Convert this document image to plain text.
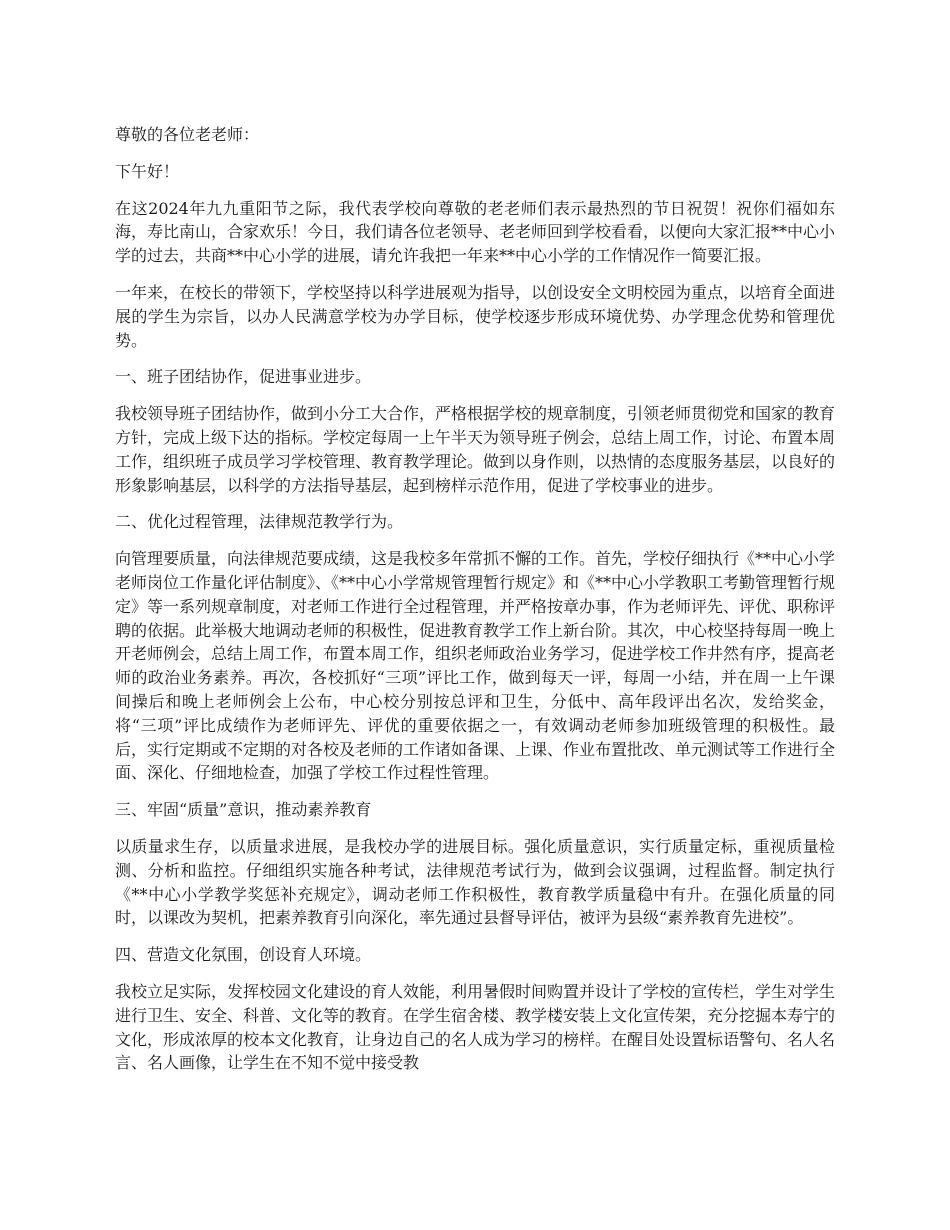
尊敬的各位老老师：

下午好！

在这2024年九九重阳节之际，我代表学校向尊敬的老老师们表示最热烈的节日祝贺！祝你们福如东海，寿比南山，合家欢乐！今日，我们请各位老领导、老老师回到学校看看，以便向大家汇报**中心小学的过去，共商**中心小学的进展，请允许我把一年来**中心小学的工作情况作一简要汇报。

一年来，在校长的带领下，学校坚持以科学进展观为指导，以创设安全文明校园为重点，以培育全面进展的学生为宗旨，以办人民满意学校为办学目标，使学校逐步形成环境优势、办学理念优势和管理优势。

一、班子团结协作，促进事业进步。

我校领导班子团结协作，做到小分工大合作，严格根据学校的规章制度，引领老师贯彻党和国家的教育方针，完成上级下达的指标。学校定每周一上午半天为领导班子例会，总结上周工作，讨论、布置本周工作，组织班子成员学习学校管理、教育教学理论。做到以身作则，以热情的态度服务基层，以良好的形象影响基层，以科学的方法指导基层，起到榜样示范作用，促进了学校事业的进步。

二、优化过程管理，法律规范教学行为。

向管理要质量，向法律规范要成绩，这是我校多年常抓不懈的工作。首先，学校仔细执行《**中心小学老师岗位工作量化评估制度》、《**中心小学常规管理暂行规定》和《**中心小学教职工考勤管理暂行规定》等一系列规章制度，对老师工作进行全过程管理，并严格按章办事，作为老师评先、评优、职称评聘的依据。此举极大地调动老师的积极性，促进教育教学工作上新台阶。其次，中心校坚持每周一晚上开老师例会，总结上周工作，布置本周工作，组织老师政治业务学习，促进学校工作井然有序，提高老师的政治业务素养。再次，各校抓好“三项”评比工作，做到每天一评，每周一小结，并在周一上午课间操后和晚上老师例会上公布，中心校分别按总评和卫生，分低中、高年段评出名次，发给奖金，将“三项”评比成绩作为老师评先、评优的重要依据之一，有效调动老师参加班级管理的积极性。最后，实行定期或不定期的对各校及老师的工作诸如备课、上课、作业布置批改、单元测试等工作进行全面、深化、仔细地检查，加强了学校工作过程性管理。

三、牢固“质量”意识，推动素养教育

以质量求生存，以质量求进展，是我校办学的进展目标。强化质量意识，实行质量定标，重视质量检测、分析和监控。仔细组织实施各种考试，法律规范考试行为，做到会议强调，过程监督。制定执行《**中心小学教学奖惩补充规定》，调动老师工作积极性，教育教学质量稳中有升。在强化质量的同时，以课改为契机，把素养教育引向深化，率先通过县督导评估，被评为县级“素养教育先进校”。

四、营造文化氛围，创设育人环境。

我校立足实际，发挥校园文化建设的育人效能，利用暑假时间购置并设计了学校的宣传栏，学生对学生进行卫生、安全、科普、文化等的教育。在学生宿舍楼、教学楼安装上文化宣传架，充分挖掘本寿宁的文化，形成浓厚的校本文化教育，让身边自己的名人成为学习的榜样。在醒目处设置标语警句、名人名言、名人画像，让学生在不知不觉中接受教
